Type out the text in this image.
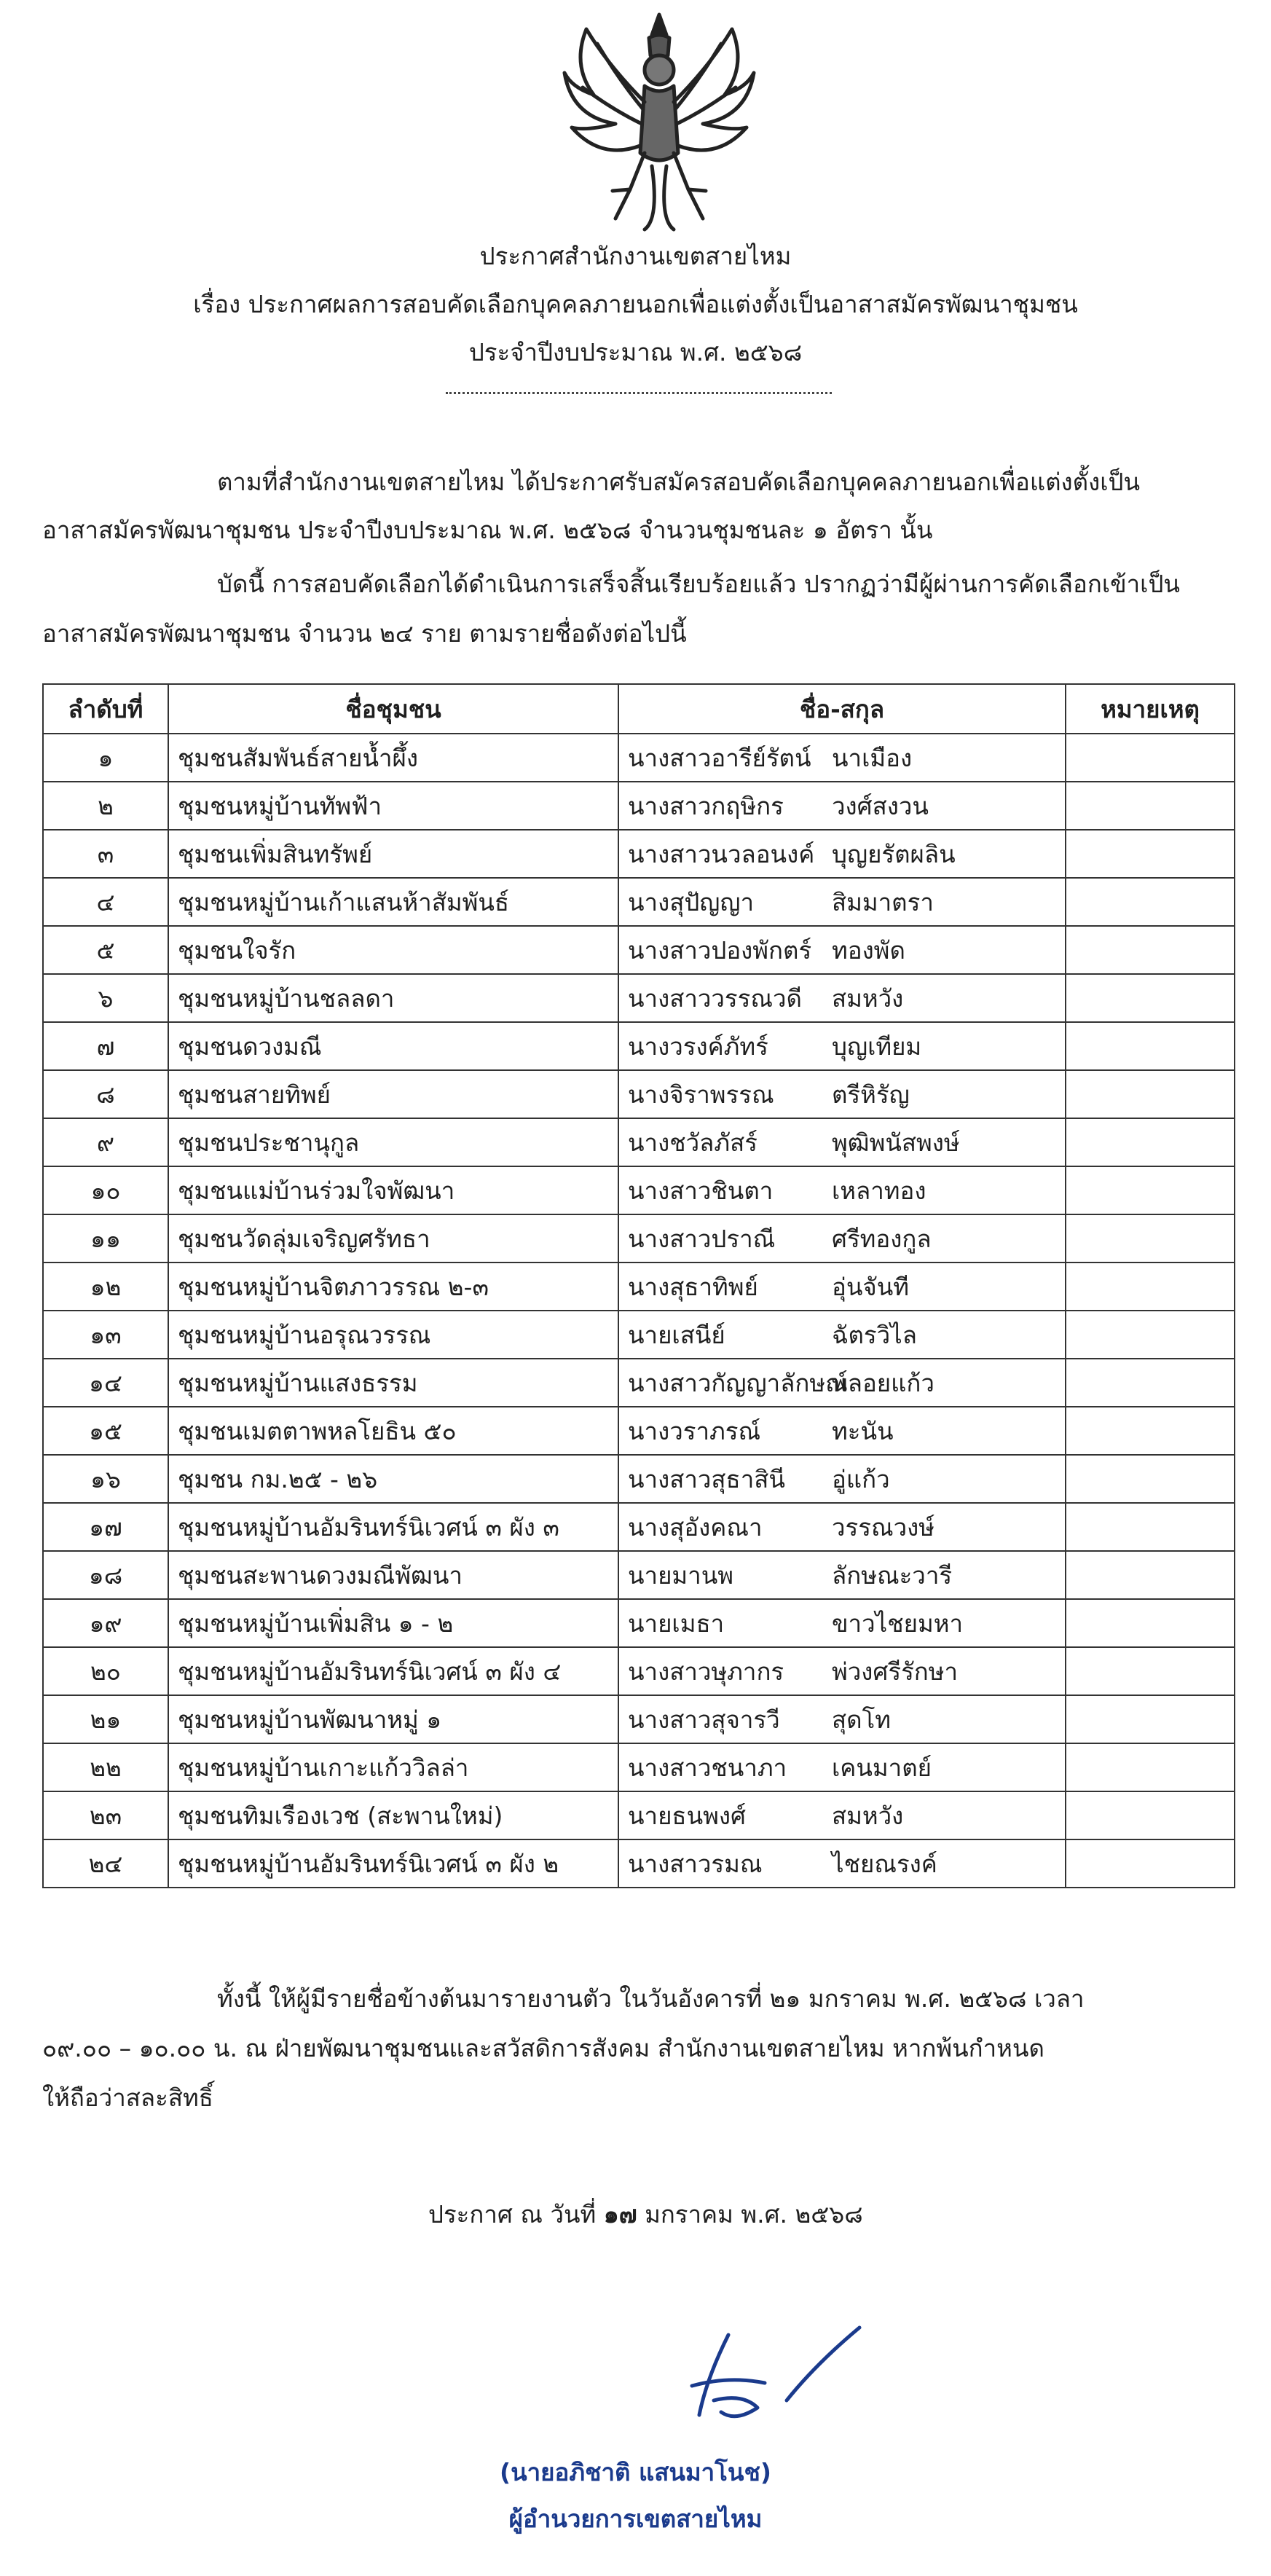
ประกาศสำนักงานเขตสายไหม
เรื่อง ประกาศผลการสอบคัดเลือกบุคคลภายนอกเพื่อแต่งตั้งเป็นอาสาสมัครพัฒนาชุมชน
ประจำปีงบประมาณ พ.ศ. ๒๕๖๘
ตามที่สำนักงานเขตสายไหม ได้ประกาศรับสมัครสอบคัดเลือกบุคคลภายนอกเพื่อแต่งตั้งเป็น
อาสาสมัครพัฒนาชุมชน ประจำปีงบประมาณ พ.ศ. ๒๕๖๘ จำนวนชุมชนละ ๑ อัตรา นั้น
บัดนี้ การสอบคัดเลือกได้ดำเนินการเสร็จสิ้นเรียบร้อยแล้ว ปรากฏว่ามีผู้ผ่านการคัดเลือกเข้าเป็น
อาสาสมัครพัฒนาชุมชน จำนวน ๒๔ ราย ตามรายชื่อดังต่อไปนี้
ลำดับที่	ชื่อชุมชน	ชื่อ-สกุล	หมายเหตุ
๑	ชุมชนสัมพันธ์สายน้ำผึ้ง	นางสาวอารีย์รัตน์ นาเมือง	
๒	ชุมชนหมู่บ้านทัพฟ้า	นางสาวกฤษิกร วงศ์สงวน	
๓	ชุมชนเพิ่มสินทรัพย์	นางสาวนวลอนงค์ บุญยรัตผลิน	
๔	ชุมชนหมู่บ้านเก้าแสนห้าสัมพันธ์	นางสุปัญญา สิมมาตรา	
๕	ชุมชนใจรัก	นางสาวปองพักตร์ ทองพัด	
๖	ชุมชนหมู่บ้านชลลดา	นางสาววรรณวดี สมหวัง	
๗	ชุมชนดวงมณี	นางวรงค์ภัทร์ บุญเทียม	
๘	ชุมชนสายทิพย์	นางจิราพรรณ ตรีหิรัญ	
๙	ชุมชนประชานุกูล	นางชวัลภัสร์ พุฒิพนัสพงษ์	
๑๐	ชุมชนแม่บ้านร่วมใจพัฒนา	นางสาวชินตา เหลาทอง	
๑๑	ชุมชนวัดลุ่มเจริญศรัทธา	นางสาวปราณี ศรีทองกูล	
๑๒	ชุมชนหมู่บ้านจิตภาวรรณ ๒-๓	นางสุธาทิพย์ อุ่นจันที	
๑๓	ชุมชนหมู่บ้านอรุณวรรณ	นายเสนีย์ ฉัตรวิไล	
๑๔	ชุมชนหมู่บ้านแสงธรรม	นางสาวกัญญาลักษณ์พลอยแก้ว	
๑๕	ชุมชนเมตตาพหลโยธิน ๕๐	นางวราภรณ์ ทะนัน	
๑๖	ชุมชน กม.๒๕ - ๒๖	นางสาวสุธาสินี อู่แก้ว	
๑๗	ชุมชนหมู่บ้านอัมรินทร์นิเวศน์ ๓ ผัง ๓	นางสุอังคณา วรรณวงษ์	
๑๘	ชุมชนสะพานดวงมณีพัฒนา	นายมานพ ลักษณะวารี	
๑๙	ชุมชนหมู่บ้านเพิ่มสิน ๑ - ๒	นายเมธา ขาวไชยมหา	
๒๐	ชุมชนหมู่บ้านอัมรินทร์นิเวศน์ ๓ ผัง ๔	นางสาวษุภากร พ่วงศรีรักษา	
๒๑	ชุมชนหมู่บ้านพัฒนาหมู่ ๑	นางสาวสุจารวี สุดโท	
๒๒	ชุมชนหมู่บ้านเกาะแก้ววิลล่า	นางสาวชนาภา เคนมาตย์	
๒๓	ชุมชนทิมเรืองเวช (สะพานใหม่)	นายธนพงศ์ สมหวัง	
๒๔	ชุมชนหมู่บ้านอัมรินทร์นิเวศน์ ๓ ผัง ๒	นางสาวรมณ ไชยณรงค์	
ทั้งนี้ ให้ผู้มีรายชื่อข้างต้นมารายงานตัว ในวันอังคารที่ ๒๑ มกราคม พ.ศ. ๒๕๖๘ เวลา
๐๙.๐๐ – ๑๐.๐๐ น. ณ ฝ่ายพัฒนาชุมชนและสวัสดิการสังคม สำนักงานเขตสายไหม หากพ้นกำหนด
ให้ถือว่าสละสิทธิ์
ประกาศ ณ วันที่ ๑๗ มกราคม พ.ศ. ๒๕๖๘
(นายอภิชาติ แสนมาโนช)
ผู้อำนวยการเขตสายไหม
